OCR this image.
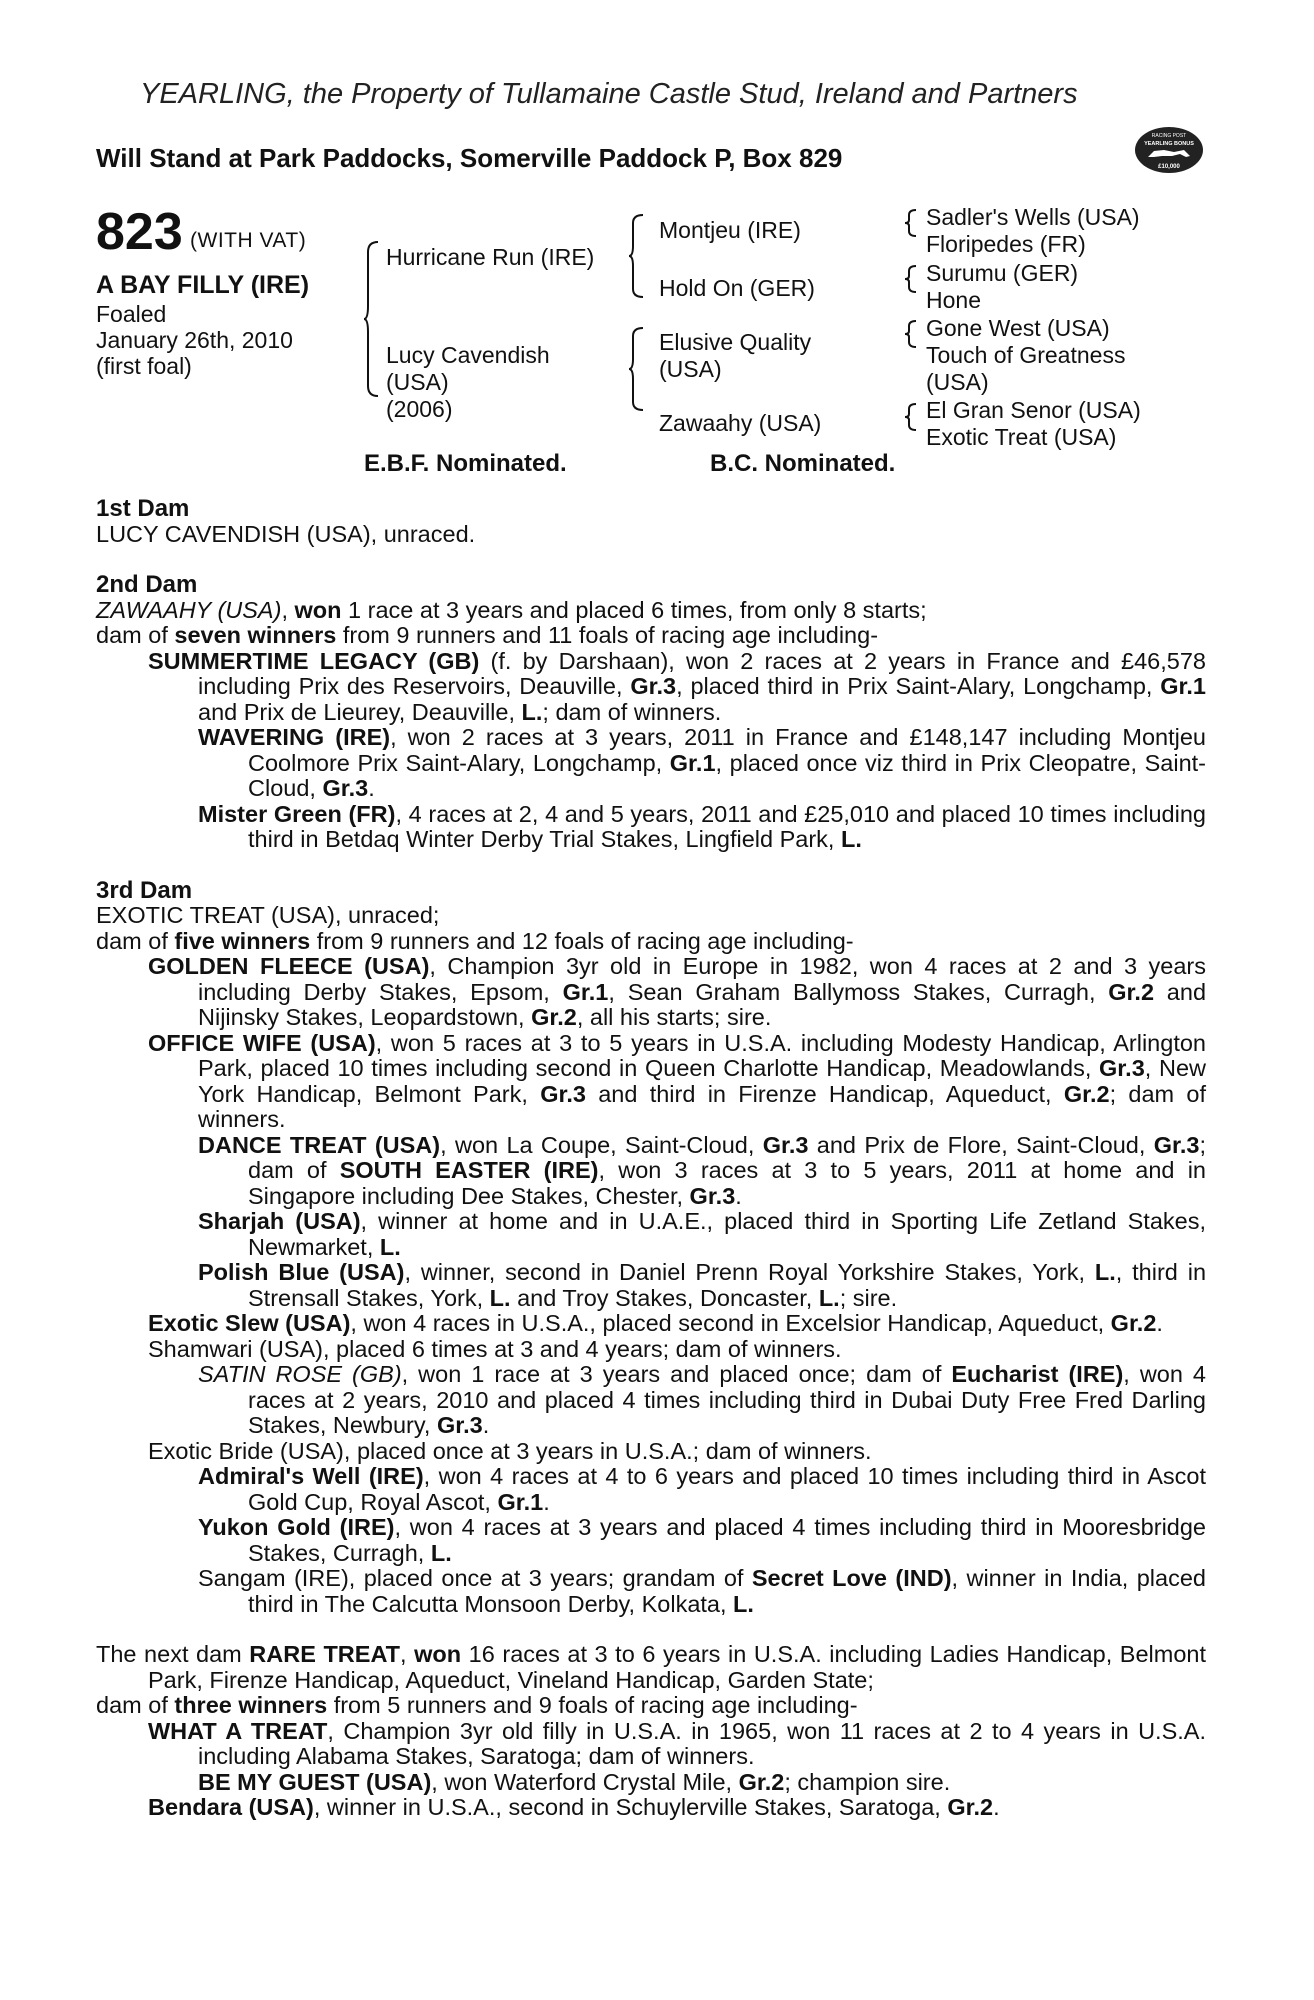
YEARLING, the Property of Tullamaine Castle Stud, Ireland and Partners
Will Stand at Park Paddocks, Somerville Paddock P, Box 829
RACING POST
YEARLING BONUS
£10,000
823 (WITH VAT)
A BAY FILLY (IRE)
Foaled
January 26th, 2010
(first foal)
Hurricane Run (IRE)
Lucy Cavendish
(USA)
(2006)
Montjeu (IRE)
Hold On (GER)
Elusive Quality
(USA)
Zawaahy (USA)
Sadler's Wells (USA)
Floripedes (FR)
Surumu (GER)
Hone
Gone West (USA)
Touch of Greatness
(USA)
El Gran Senor (USA)
Exotic Treat (USA)
E.B.F. Nominated.	B.C. Nominated.
1st Dam
LUCY CAVENDISH (USA), unraced.
2nd Dam
ZAWAAHY (USA), won 1 race at 3 years and placed 6 times, from only 8 starts;
dam of seven winners from 9 runners and 11 foals of racing age including-
SUMMERTIME LEGACY (GB) (f. by Darshaan), won 2 races at 2 years in France and £46,578 including Prix des Reservoirs, Deauville, Gr.3, placed third in Prix Saint-Alary, Longchamp, Gr.1 and Prix de Lieurey, Deauville, L.; dam of winners.
WAVERING (IRE), won 2 races at 3 years, 2011 in France and £148,147 including Montjeu Coolmore Prix Saint-Alary, Longchamp, Gr.1, placed once viz third in Prix Cleopatre, Saint-Cloud, Gr.3.
Mister Green (FR), 4 races at 2, 4 and 5 years, 2011 and £25,010 and placed 10 times including third in Betdaq Winter Derby Trial Stakes, Lingfield Park, L.
3rd Dam
EXOTIC TREAT (USA), unraced;
dam of five winners from 9 runners and 12 foals of racing age including-
GOLDEN FLEECE (USA), Champion 3yr old in Europe in 1982, won 4 races at 2 and 3 years including Derby Stakes, Epsom, Gr.1, Sean Graham Ballymoss Stakes, Curragh, Gr.2 and Nijinsky Stakes, Leopardstown, Gr.2, all his starts; sire.
OFFICE WIFE (USA), won 5 races at 3 to 5 years in U.S.A. including Modesty Handicap, Arlington Park, placed 10 times including second in Queen Charlotte Handicap, Meadowlands, Gr.3, New York Handicap, Belmont Park, Gr.3 and third in Firenze Handicap, Aqueduct, Gr.2; dam of winners.
DANCE TREAT (USA), won La Coupe, Saint-Cloud, Gr.3 and Prix de Flore, Saint-Cloud, Gr.3; dam of SOUTH EASTER (IRE), won 3 races at 3 to 5 years, 2011 at home and in Singapore including Dee Stakes, Chester, Gr.3.
Sharjah (USA), winner at home and in U.A.E., placed third in Sporting Life Zetland Stakes, Newmarket, L.
Polish Blue (USA), winner, second in Daniel Prenn Royal Yorkshire Stakes, York, L., third in Strensall Stakes, York, L. and Troy Stakes, Doncaster, L.; sire.
Exotic Slew (USA), won 4 races in U.S.A., placed second in Excelsior Handicap, Aqueduct, Gr.2.
Shamwari (USA), placed 6 times at 3 and 4 years; dam of winners.
SATIN ROSE (GB), won 1 race at 3 years and placed once; dam of Eucharist (IRE), won 4 races at 2 years, 2010 and placed 4 times including third in Dubai Duty Free Fred Darling Stakes, Newbury, Gr.3.
Exotic Bride (USA), placed once at 3 years in U.S.A.; dam of winners.
Admiral's Well (IRE), won 4 races at 4 to 6 years and placed 10 times including third in Ascot Gold Cup, Royal Ascot, Gr.1.
Yukon Gold (IRE), won 4 races at 3 years and placed 4 times including third in Mooresbridge Stakes, Curragh, L.
Sangam (IRE), placed once at 3 years; grandam of Secret Love (IND), winner in India, placed third in The Calcutta Monsoon Derby, Kolkata, L.
The next dam RARE TREAT, won 16 races at 3 to 6 years in U.S.A. including Ladies Handicap, Belmont Park, Firenze Handicap, Aqueduct, Vineland Handicap, Garden State;
dam of three winners from 5 runners and 9 foals of racing age including-
WHAT A TREAT, Champion 3yr old filly in U.S.A. in 1965, won 11 races at 2 to 4 years in U.S.A. including Alabama Stakes, Saratoga; dam of winners.
BE MY GUEST (USA), won Waterford Crystal Mile, Gr.2; champion sire.
Bendara (USA), winner in U.S.A., second in Schuylerville Stakes, Saratoga, Gr.2.
